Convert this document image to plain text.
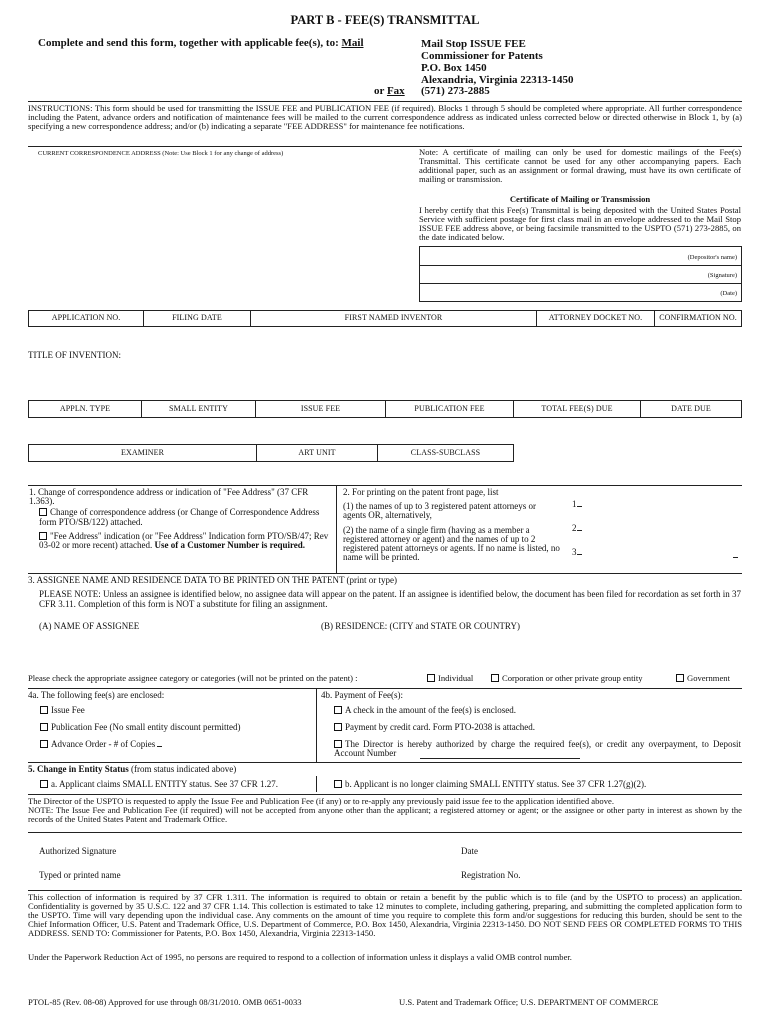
PART B - FEE(S) TRANSMITTAL
Complete and send this form, together with applicable fee(s), to: Mail	Mail Stop ISSUE FEE
Commissioner for Patents
P.O. Box 1450
Alexandria, Virginia 22313-1450
or Fax (571) 273-2885
INSTRUCTIONS: This form should be used for transmitting the ISSUE FEE and PUBLICATION FEE (if required). Blocks 1 through 5 should be completed where appropriate. All further correspondence including the Patent, advance orders and notification of maintenance fees will be mailed to the current correspondence address as indicated unless corrected below or directed otherwise in Block 1, by (a) specifying a new correspondence address; and/or (b) indicating a separate "FEE ADDRESS" for maintenance fee notifications.
CURRENT CORRESPONDENCE ADDRESS (Note: Use Block 1 for any change of address)	Note: A certificate of mailing can only be used for domestic mailings of the Fee(s) Transmittal. This certificate cannot be used for any other accompanying papers. Each additional paper, such as an assignment or formal drawing, must have its own certificate of mailing or transmission.
Certificate of Mailing or Transmission
I hereby certify that this Fee(s) Transmittal is being deposited with the United States Postal Service with sufficient postage for first class mail in an envelope addressed to the Mail Stop ISSUE FEE address above, or being facsimile transmitted to the USPTO (571) 273-2885, on the date indicated below.
(Depositor's name)
(Signature)
(Date)
APPLICATION NO.	FILING DATE	FIRST NAMED INVENTOR	ATTORNEY DOCKET NO.	CONFIRMATION NO.
TITLE OF INVENTION:
APPLN. TYPE	SMALL ENTITY	ISSUE FEE	PUBLICATION FEE	TOTAL FEE(S) DUE	DATE DUE
EXAMINER	ART UNIT	CLASS-SUBCLASS

1. Change of correspondence address or indication of "Fee Address" (37 CFR 1.363).

Change of correspondence address (or Change of Correspondence Address form PTO/SB/122) attached.

"Fee Address" indication (or "Fee Address" Indication form PTO/SB/47; Rev 03-02 or more recent) attached. Use of a Customer Number is required.

2. For printing on the patent front page, list

(1) the names of up to 3 registered patent attorneys or agents OR, alternatively,

(2) the name of a single firm (having as a member a registered attorney or agent) and the names of up to 2 registered patent attorneys or agents. If no name is listed, no name will be printed.

1
2
3
3. ASSIGNEE NAME AND RESIDENCE DATA TO BE PRINTED ON THE PATENT (print or type)
PLEASE NOTE: Unless an assignee is identified below, no assignee data will appear on the patent. If an assignee is identified below, the document has been filed for recordation as set forth in 37 CFR 3.11. Completion of this form is NOT a substitute for filing an assignment.
(A) NAME OF ASSIGNEE	(B) RESIDENCE: (CITY and STATE OR COUNTRY)
Please check the appropriate assignee category or categories (will not be printed on the patent) :	Individual	Corporation or other private group entity	Government
4a. The following fee(s) are enclosed:
Issue Fee
Publication Fee (No small entity discount permitted)
Advance Order - # of Copies
4b. Payment of Fee(s):
A check in the amount of the fee(s) is enclosed.
Payment by credit card. Form PTO-2038 is attached.
The Director is hereby authorized by charge the required fee(s), or credit any overpayment, to Deposit Account Number
5. Change in Entity Status (from status indicated above)
a. Applicant claims SMALL ENTITY status. See 37 CFR 1.27.	b. Applicant is no longer claiming SMALL ENTITY status. See 37 CFR 1.27(g)(2).

The Director of the USPTO is requested to apply the Issue Fee and Publication Fee (if any) or to re-apply any previously paid issue fee to the application identified above.

NOTE: The Issue Fee and Publication Fee (if required) will not be accepted from anyone other than the applicant; a registered attorney or agent; or the assignee or other party in interest as shown by the records of the United States Patent and Trademark Office.

Authorized Signature	Date
Typed or printed name	Registration No.
This collection of information is required by 37 CFR 1.311. The information is required to obtain or retain a benefit by the public which is to file (and by the USPTO to process) an application. Confidentiality is governed by 35 U.S.C. 122 and 37 CFR 1.14. This collection is estimated to take 12 minutes to complete, including gathering, preparing, and submitting the completed application form to the USPTO. Time will vary depending upon the individual case. Any comments on the amount of time you require to complete this form and/or suggestions for reducing this burden, should be sent to the Chief Information Officer, U.S. Patent and Trademark Office, U.S. Department of Commerce, P.O. Box 1450, Alexandria, Virginia 22313-1450. DO NOT SEND FEES OR COMPLETED FORMS TO THIS ADDRESS. SEND TO: Commissioner for Patents, P.O. Box 1450, Alexandria, Virginia 22313-1450.
Under the Paperwork Reduction Act of 1995, no persons are required to respond to a collection of information unless it displays a valid OMB control number.
PTOL-85 (Rev. 08-08) Approved for use through 08/31/2010. OMB 0651-0033	U.S. Patent and Trademark Office; U.S. DEPARTMENT OF COMMERCE
